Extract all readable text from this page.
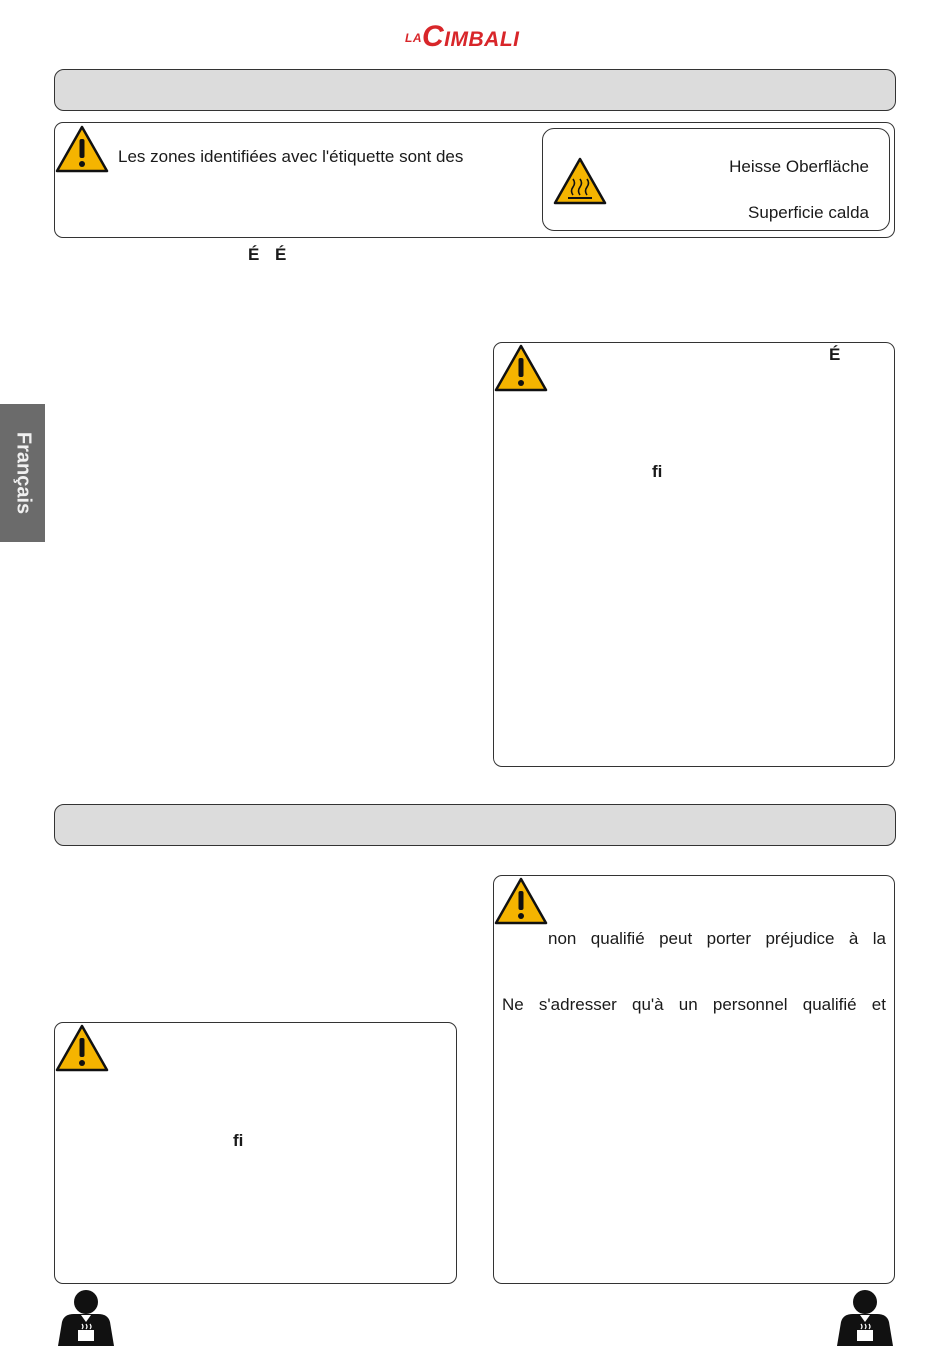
$^{LA}$CIMBALI
Français
Les zones identifiées avec l'étiquette sont des
Heisse Oberfläche
Superficie calda
É É
É
fi
non qualifié peut porter préjudice à la
Ne s'adresser qu'à un personnel qualifié et
fi
